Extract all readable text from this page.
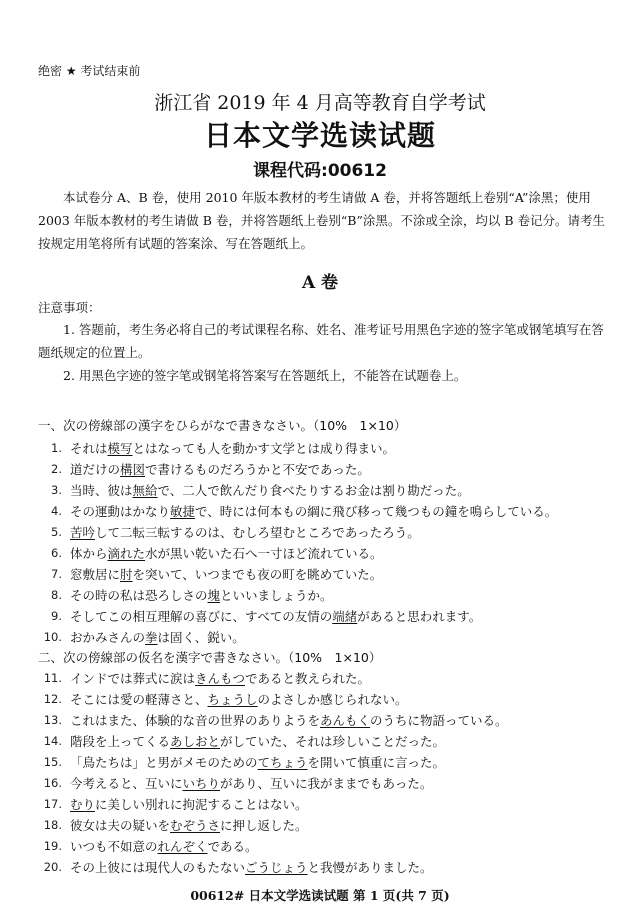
绝密 ★ 考试结束前
浙江省 2019 年 4 月高等教育自学考试
日本文学选读试题
课程代码:00612

本试卷分 A、B 卷，使用 2010 年版本教材的考生请做 A 卷，并将答题纸上卷别“A”涂黑；使用 2003 年版本教材的考生请做 B 卷，并将答题纸上卷别“B”涂黑。不涂或全涂，均以 B 卷记分。请考生按规定用笔将所有试题的答案涂、写在答题纸上。

A 卷
注意事项：

1. 答题前，考生务必将自己的考试课程名称、姓名、准考证号用黑色字迹的签字笔或钢笔填写在答题纸规定的位置上。

2. 用黑色字迹的签字笔或钢笔将答案写在答题纸上，不能答在试题卷上。

一、次の傍線部の漢字をひらがなで書きなさい。（10%　1×10）
1. それは模写とはなっても人を動かす文学とは成り得まい。
2. 道だけの構図で書けるものだろうかと不安であった。
3. 当時、彼は無給で、二人で飲んだり食べたりするお金は割り勘だった。
4. その運動はかなり敏捷で、時には何本もの綱に飛び移って幾つもの鐘を鳴らしている。
5. 苦吟して二転三転するのは、むしろ望むところであったろう。
6. 体から滴れた水が黒い乾いた石へ一寸ほど流れている。
7. 窓敷居に肘を突いて、いつまでも夜の町を眺めていた。
8. その時の私は恐ろしさの塊といいましょうか。
9. そしてこの相互理解の喜びに、すべての友情の端緒があると思われます。
10. おかみさんの拳は固く、鋭い。
二、次の傍線部の仮名を漢字で書きなさい。（10%　1×10）
11. インドでは葬式に涙はきんもつであると教えられた。
12. そこには愛の軽薄さと、ちょうしのよさしか感じられない。
13. これはまた、体験的な音の世界のありようをあんもくのうちに物語っている。
14. 階段を上ってくるあしおとがしていた、それは珍しいことだった。
15. 「鳥たちは」と男がメモのためのてちょうを開いて慎重に言った。
16. 今考えると、互いにいちりがあり、互いに我がままでもあった。
17. むりに美しい別れに拘泥することはない。
18. 彼女は夫の疑いをむぞうさに押し返した。
19. いつも不如意のれんぞくである。
20. その上彼には現代人のもたないごうじょうと我慢がありました。
00612# 日本文学选读试题 第 1 页(共 7 页)
